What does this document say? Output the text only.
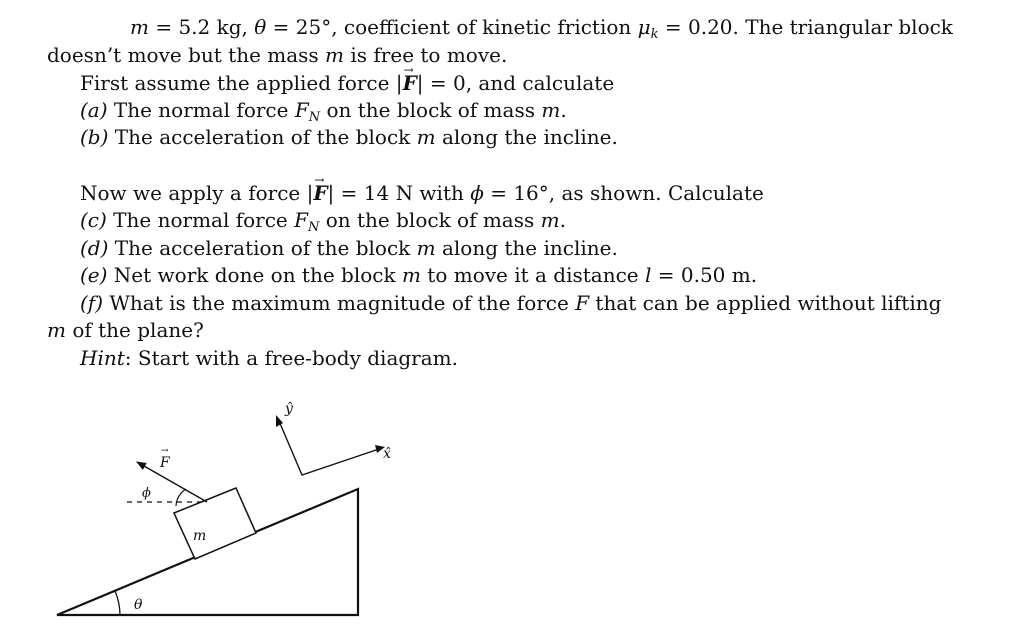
m = 5.2 kg, θ = 25°, coefficient of kinetic friction $\mu_k = 0.20$. The triangular block
doesn’t move but the mass m is free to move.
First assume the applied force |→ F| = 0, and calculate
(a) The normal force $F_N$ on the block of mass m.
(b) The acceleration of the block m along the incline.
Now we apply a force |→ F| = 14 N with ϕ = 16°, as shown. Calculate
(c) The normal force $F_N$ on the block of mass m.
(d) The acceleration of the block m along the incline.
(e) Net work done on the block m to move it a distance l = 0.50 m.
(f) What is the maximum magnitude of the force F that can be applied without lifting
m of the plane?
Hint: Start with a free-body diagram.
θ
m
ŷ
x̂
F
→
ϕ
